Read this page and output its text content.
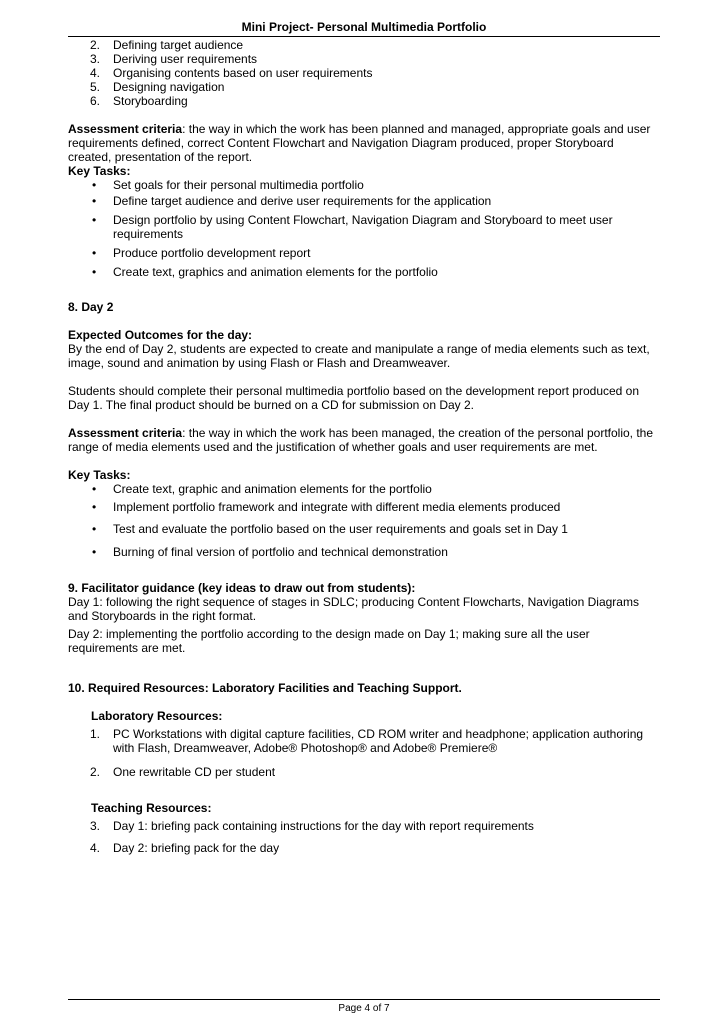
Mini Project- Personal Multimedia Portfolio
2. Defining target audience
3. Deriving user requirements
4. Organising contents based on user requirements
5. Designing navigation
6. Storyboarding

Assessment criteria: the way in which the work has been planned and managed, appropriate goals and user requirements defined, correct Content Flowchart and Navigation Diagram produced, proper Storyboard created, presentation of the report.

Key Tasks:
• Set goals for their personal multimedia portfolio
• Define target audience and derive user requirements for the application
• Design portfolio by using Content Flowchart, Navigation Diagram and Storyboard to meet user requirements
• Produce portfolio development report
• Create text, graphics and animation elements for the portfolio

8. Day 2

Expected Outcomes for the day:

By the end of Day 2, students are expected to create and manipulate a range of media elements such as text, image, sound and animation by using Flash or Flash and Dreamweaver.

Students should complete their personal multimedia portfolio based on the development report produced on Day 1. The final product should be burned on a CD for submission on Day 2.

Assessment criteria: the way in which the work has been managed, the creation of the personal portfolio, the range of media elements used and the justification of whether goals and user requirements are met.

Key Tasks:

• Create text, graphic and animation elements for the portfolio
• Implement portfolio framework and integrate with different media elements produced
• Test and evaluate the portfolio based on the user requirements and goals set in Day 1
• Burning of final version of portfolio and technical demonstration

9. Facilitator guidance (key ideas to draw out from students):

Day 1: following the right sequence of stages in SDLC; producing Content Flowcharts, Navigation Diagrams and Storyboards in the right format.

Day 2: implementing the portfolio according to the design made on Day 1; making sure all the user requirements are met.

10. Required Resources: Laboratory Facilities and Teaching Support.

Laboratory Resources:

1. PC Workstations with digital capture facilities, CD ROM writer and headphone; application authoring with Flash, Dreamweaver, Adobe® Photoshop® and Adobe® Premiere®
2. One rewritable CD per student

Teaching Resources:

3. Day 1: briefing pack containing instructions for the day with report requirements
4. Day 2: briefing pack for the day
Page 4 of 7
